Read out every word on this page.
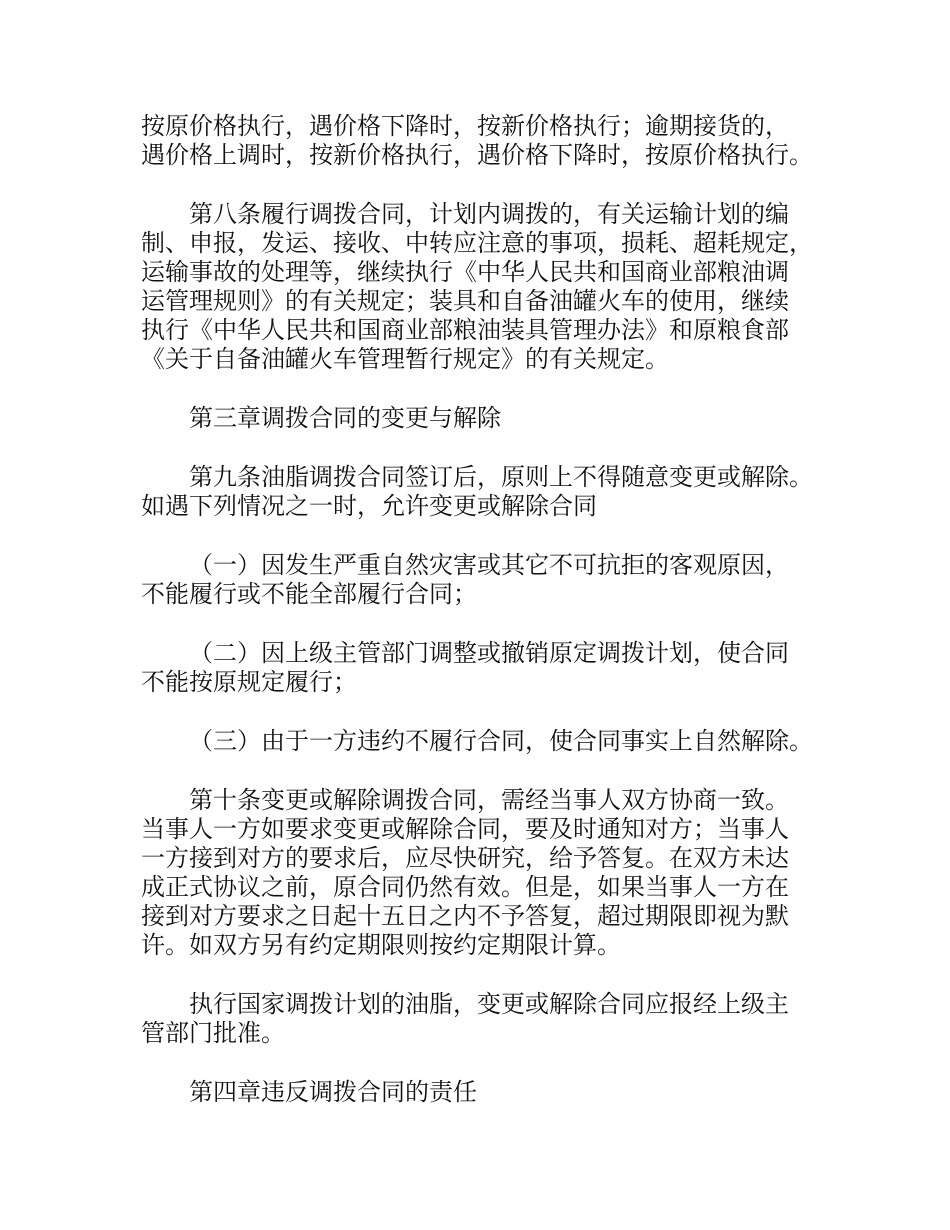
按原价格执行，遇价格下降时，按新价格执行；逾期接货的，
遇价格上调时，按新价格执行，遇价格下降时，按原价格执行。
第八条履行调拨合同，计划内调拨的，有关运输计划的编
制、申报，发运、接收、中转应注意的事项，损耗、超耗规定，
运输事故的处理等，继续执行《中华人民共和国商业部粮油调
运管理规则》的有关规定；装具和自备油罐火车的使用，继续
执行《中华人民共和国商业部粮油装具管理办法》和原粮食部
《关于自备油罐火车管理暂行规定》的有关规定。
第三章调拨合同的变更与解除
第九条油脂调拨合同签订后，原则上不得随意变更或解除。
如遇下列情况之一时，允许变更或解除合同
（一）因发生严重自然灾害或其它不可抗拒的客观原因，
不能履行或不能全部履行合同；
（二）因上级主管部门调整或撤销原定调拨计划，使合同
不能按原规定履行；
（三）由于一方违约不履行合同，使合同事实上自然解除。
第十条变更或解除调拨合同，需经当事人双方协商一致。
当事人一方如要求变更或解除合同，要及时通知对方；当事人
一方接到对方的要求后，应尽快研究，给予答复。在双方未达
成正式协议之前，原合同仍然有效。但是，如果当事人一方在
接到对方要求之日起十五日之内不予答复，超过期限即视为默
许。如双方另有约定期限则按约定期限计算。
执行国家调拨计划的油脂，变更或解除合同应报经上级主
管部门批准。
第四章违反调拨合同的责任
